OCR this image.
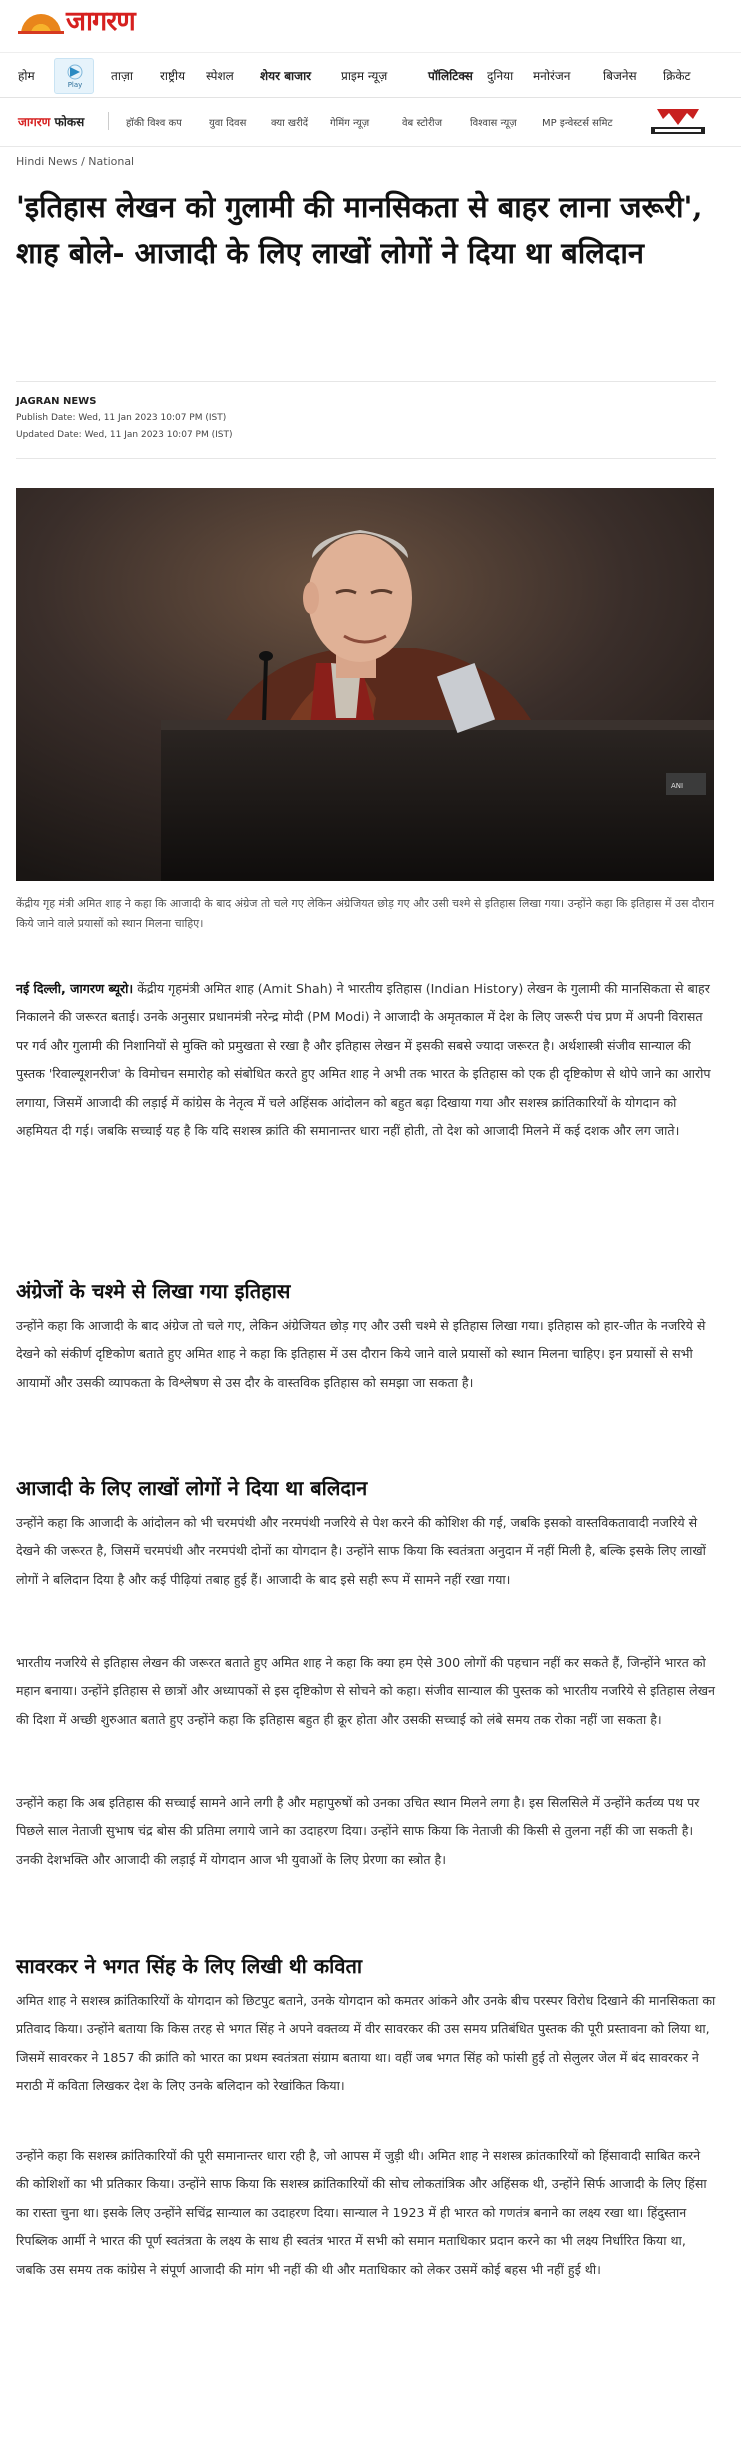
जागरण
होम
Play
ताज़ा राष्ट्रीय स्पेशल शेयर बाजार प्राइम न्यूज़	पॉलिटिक्स दुनिया मनोरंजन	बिजनेस क्रिकेट
जागरण फोकस	हॉकी विश्व कप	युवा दिवस क्या खरीदें गेमिंग न्यूज़	वेब स्टोरीज	विश्वास न्यूज़	MP इन्वेस्टर्स समिट
Hindi News / National
'इतिहास लेखन को गुलामी की मानसिकता से बाहर लाना जरूरी', शाह बोले- आजादी के लिए लाखों लोगों ने दिया था बलिदान
JAGRAN NEWS
Publish Date: Wed, 11 Jan 2023 10:07 PM (IST)
Updated Date: Wed, 11 Jan 2023 10:07 PM (IST)
ANI

केंद्रीय गृह मंत्री अमित शाह ने कहा कि आजादी के बाद अंग्रेज तो चले गए लेकिन अंग्रेजियत छोड़ गए और उसी चश्मे से इतिहास लिखा गया। उन्होंने कहा कि इतिहास में उस दौरान किये जाने वाले प्रयासों को स्थान मिलना चाहिए।

नई दिल्ली, जागरण ब्यूरो। केंद्रीय गृहमंत्री अमित शाह (Amit Shah) ने भारतीय इतिहास (Indian History) लेखन के गुलामी की मानसिकता से बाहर निकालने की जरूरत बताई। उनके अनुसार प्रधानमंत्री नरेन्द्र मोदी (PM Modi) ने आजादी के अमृतकाल में देश के लिए जरूरी पंच प्रण में अपनी विरासत पर गर्व और गुलामी की निशानियों से मुक्ति को प्रमुखता से रखा है और इतिहास लेखन में इसकी सबसे ज्यादा जरूरत है। अर्थशास्त्री संजीव सान्याल की पुस्तक 'रिवाल्यूशनरीज' के विमोचन समारोह को संबोधित करते हुए अमित शाह ने अभी तक भारत के इतिहास को एक ही दृष्टिकोण से थोपे जाने का आरोप लगाया, जिसमें आजादी की लड़ाई में कांग्रेस के नेतृत्व में चले अहिंसक आंदोलन को बहुत बढ़ा दिखाया गया और सशस्त्र क्रांतिकारियों के योगदान को अहमियत दी गई। जबकि सच्चाई यह है कि यदि सशस्त्र क्रांति की समानान्तर धारा नहीं होती, तो देश को आजादी मिलने में कई दशक और लग जाते।

अंग्रेजों के चश्मे से लिखा गया इतिहास

उन्होंने कहा कि आजादी के बाद अंग्रेज तो चले गए, लेकिन अंग्रेजियत छोड़ गए और उसी चश्मे से इतिहास लिखा गया। इतिहास को हार-जीत के नजरिये से देखने को संकीर्ण दृष्टिकोण बताते हुए अमित शाह ने कहा कि इतिहास में उस दौरान किये जाने वाले प्रयासों को स्थान मिलना चाहिए। इन प्रयासों से सभी आयामों और उसकी व्यापकता के विश्लेषण से उस दौर के वास्तविक इतिहास को समझा जा सकता है।

आजादी के लिए लाखों लोगों ने दिया था बलिदान

उन्होंने कहा कि आजादी के आंदोलन को भी चरमपंथी और नरमपंथी नजरिये से पेश करने की कोशिश की गई, जबकि इसको वास्तविकतावादी नजरिये से देखने की जरूरत है, जिसमें चरमपंथी और नरमपंथी दोनों का योगदान है। उन्होंने साफ किया कि स्वतंत्रता अनुदान में नहीं मिली है, बल्कि इसके लिए लाखों लोगों ने बलिदान दिया है और कई पीढ़ियां तबाह हुई हैं। आजादी के बाद इसे सही रूप में सामने नहीं रखा गया।

भारतीय नजरिये से इतिहास लेखन की जरूरत बताते हुए अमित शाह ने कहा कि क्या हम ऐसे 300 लोगों की पहचान नहीं कर सकते हैं, जिन्होंने भारत को महान बनाया। उन्होंने इतिहास से छात्रों और अध्यापकों से इस दृष्टिकोण से सोचने को कहा। संजीव सान्याल की पुस्तक को भारतीय नजरिये से इतिहास लेखन की दिशा में अच्छी शुरुआत बताते हुए उन्होंने कहा कि इतिहास बहुत ही क्रूर होता और उसकी सच्चाई को लंबे समय तक रोका नहीं जा सकता है।

उन्होंने कहा कि अब इतिहास की सच्चाई सामने आने लगी है और महापुरुषों को उनका उचित स्थान मिलने लगा है। इस सिलसिले में उन्होंने कर्तव्य पथ पर पिछले साल नेताजी सुभाष चंद्र बोस की प्रतिमा लगाये जाने का उदाहरण दिया। उन्होंने साफ किया कि नेताजी की किसी से तुलना नहीं की जा सकती है। उनकी देशभक्ति और आजादी की लड़ाई में योगदान आज भी युवाओं के लिए प्रेरणा का स्त्रोत है।

सावरकर ने भगत सिंह के लिए लिखी थी कविता

अमित शाह ने सशस्त्र क्रांतिकारियों के योगदान को छिटपुट बताने, उनके योगदान को कमतर आंकने और उनके बीच परस्पर विरोध दिखाने की मानसिकता का प्रतिवाद किया। उन्होंने बताया कि किस तरह से भगत सिंह ने अपने वक्तव्य में वीर सावरकर की उस समय प्रतिबंधित पुस्तक की पूरी प्रस्तावना को लिया था, जिसमें सावरकर ने 1857 की क्रांति को भारत का प्रथम स्वतंत्रता संग्राम बताया था। वहीं जब भगत सिंह को फांसी हुई तो सेलुलर जेल में बंद सावरकर ने मराठी में कविता लिखकर देश के लिए उनके बलिदान को रेखांकित किया।

उन्होंने कहा कि सशस्त्र क्रांतिकारियों की पूरी समानान्तर धारा रही है, जो आपस में जुड़ी थी। अमित शाह ने सशस्त्र क्रांतकारियों को हिंसावादी साबित करने की कोशिशों का भी प्रतिकार किया। उन्होंने साफ किया कि सशस्त्र क्रांतिकारियों की सोच लोकतांत्रिक और अहिंसक थी, उन्होंने सिर्फ आजादी के लिए हिंसा का रास्ता चुना था। इसके लिए उन्होंने सचिंद्र सान्याल का उदाहरण दिया। सान्याल ने 1923 में ही भारत को गणतंत्र बनाने का लक्ष्य रखा था। हिंदुस्तान रिपब्लिक आर्मी ने भारत की पूर्ण स्वतंत्रता के लक्ष्य के साथ ही स्वतंत्र भारत में सभी को समान मताधिकार प्रदान करने का भी लक्ष्य निर्धारित किया था, जबकि उस समय तक कांग्रेस ने संपूर्ण आजादी की मांग भी नहीं की थी और मताधिकार को लेकर उसमें कोई बहस भी नहीं हुई थी।
